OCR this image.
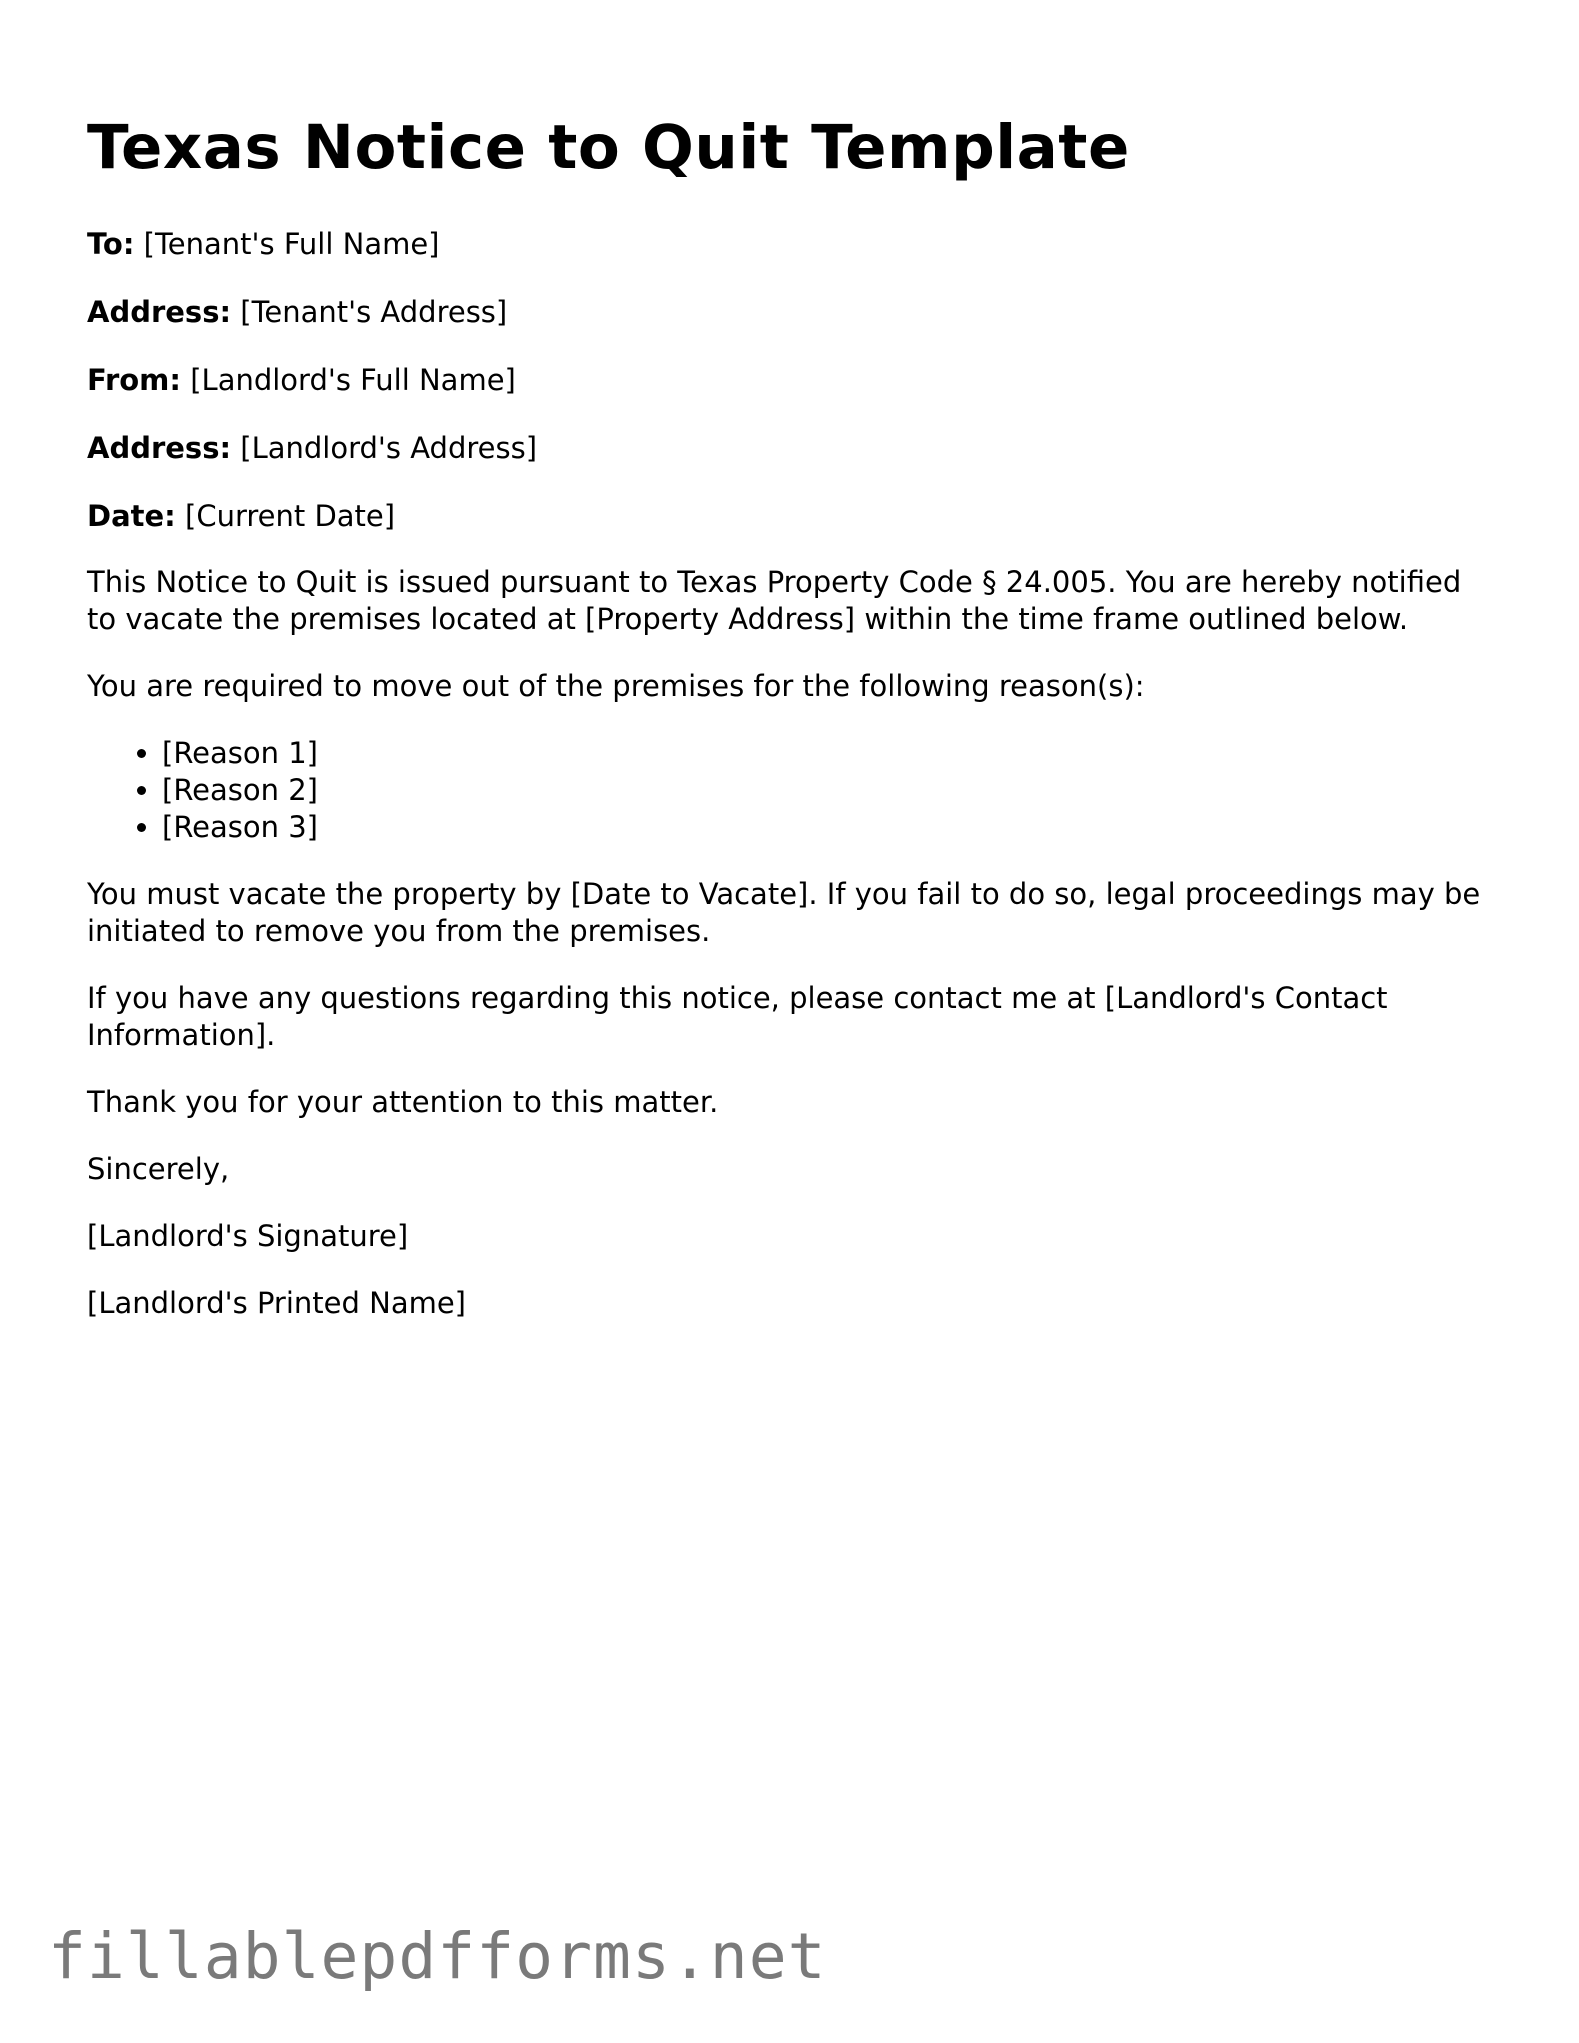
Texas Notice to Quit Template

To: [Tenant's Full Name]

Address: [Tenant's Address]

From: [Landlord's Full Name]

Address: [Landlord's Address]

Date: [Current Date]

This Notice to Quit is issued pursuant to Texas Property Code § 24.005. You are hereby notified to vacate the premises located at [Property Address] within the time frame outlined below.

You are required to move out of the premises for the following reason(s):

• [Reason 1]
• [Reason 2]
• [Reason 3]

You must vacate the property by [Date to Vacate]. If you fail to do so, legal proceedings may be initiated to remove you from the premises.

If you have any questions regarding this notice, please contact me at [Landlord's Contact Information].

Thank you for your attention to this matter.

Sincerely,

[Landlord's Signature]

[Landlord's Printed Name]

fillablepdfforms.net
